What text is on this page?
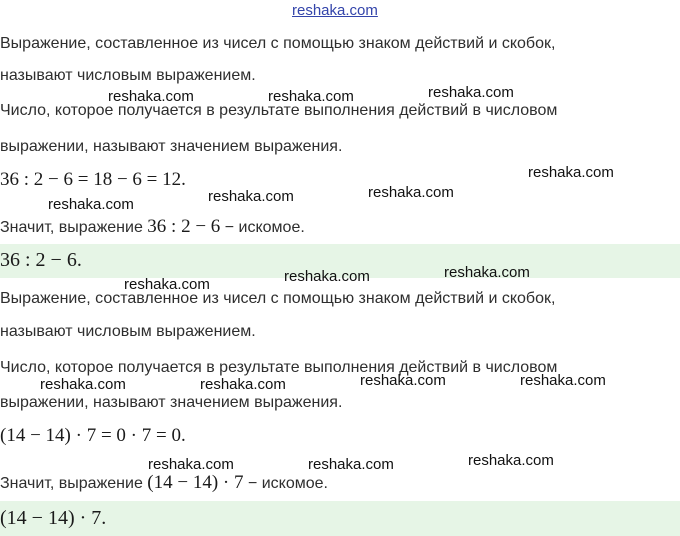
reshaka.com
Выражение, составленное из чисел с помощью знаком действий и скобок,
называют числовым выражением.
Число, которое получается в результате выполнения действий в числовом
выражении, называют значением выражения.
36 : 2 − 6 = 18 − 6 = 12.
Значит, выражение 36 : 2 − 6 − искомое.
36 : 2 − 6.
Выражение, составленное из чисел с помощью знаком действий и скобок,
называют числовым выражением.
Число, которое получается в результате выполнения действий в числовом
выражении, называют значением выражения.
(14 − 14) · 7 = 0 · 7 = 0.
Значит, выражение (14 − 14) · 7 − искомое.
(14 − 14) · 7.
reshaka.com	reshaka.com	reshaka.com
reshaka.com
reshaka.com
reshaka.com	reshaka.com
reshaka.com
reshaka.com
reshaka.com
reshaka.com	reshaka.com
reshaka.com	reshaka.com
reshaka.com
reshaka.com	reshaka.com
